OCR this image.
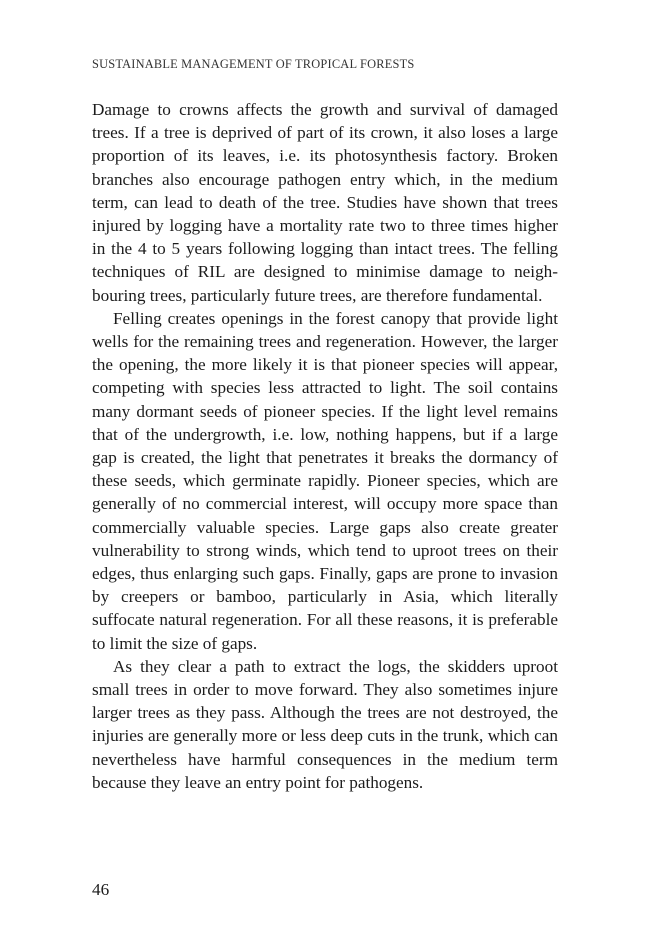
SUSTAINABLE MANAGEMENT OF TROPICAL FORESTS

Damage to crowns affects the growth and survival of damaged trees. If a tree is deprived of part of its crown, it also loses a large proportion of its leaves, i.e. its photosynthesis factory. Broken branches also encourage pathogen entry which, in the medium term, can lead to death of the tree. Studies have shown that trees injured by logging have a mortality rate two to three times higher in the 4 to 5 years following logging than intact trees. The felling techniques of RIL are designed to minimise damage to neighbouring trees, particularly future trees, are therefore fundamental.

Felling creates openings in the forest canopy that provide light wells for the remaining trees and regeneration. However, the larger the opening, the more likely it is that pioneer species will appear, competing with species less attracted to light. The soil contains many dormant seeds of pioneer species. If the light level remains that of the undergrowth, i.e. low, nothing happens, but if a large gap is created, the light that penetrates it breaks the dormancy of these seeds, which germinate rapidly. Pioneer species, which are generally of no commercial interest, will occupy more space than commercially valuable species. Large gaps also create greater vulnerability to strong winds, which tend to uproot trees on their edges, thus enlarging such gaps. Finally, gaps are prone to invasion by creepers or bamboo, particularly in Asia, which literally suffocate natural regeneration. For all these reasons, it is preferable to limit the size of gaps.

As they clear a path to extract the logs, the skidders uproot small trees in order to move forward. They also sometimes injure larger trees as they pass. Although the trees are not destroyed, the injuries are generally more or less deep cuts in the trunk, which can nevertheless have harmful consequences in the medium term because they leave an entry point for pathogens.

46
